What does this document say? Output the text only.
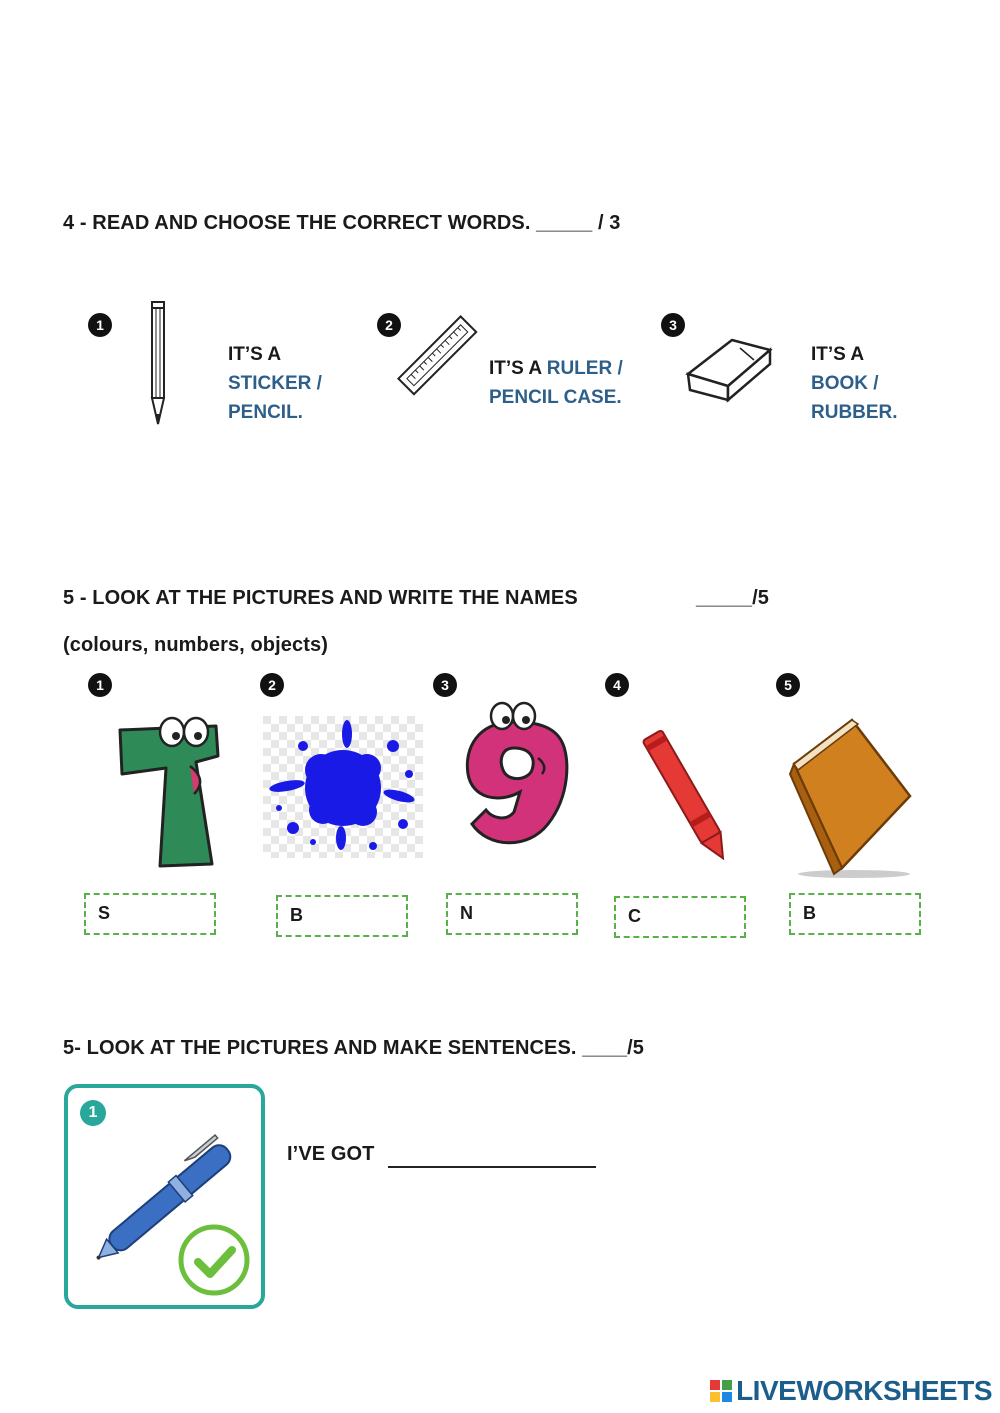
4 - READ AND CHOOSE THE CORRECT WORDS. _____ / 3
1
IT’S A
STICKER /
PENCIL.
2
IT’S A RULER /
PENCIL CASE.
3
IT’S A
BOOK /
RUBBER.
5 - LOOK AT THE PICTURES AND WRITE THE NAMES	_____/5
(colours, numbers, objects)
1	2	3	4	5
S	B	N	C	B
5- LOOK AT THE PICTURES AND MAKE SENTENCES. ____/5
1
I’VE GOT
LIVEWORKSHEETS
